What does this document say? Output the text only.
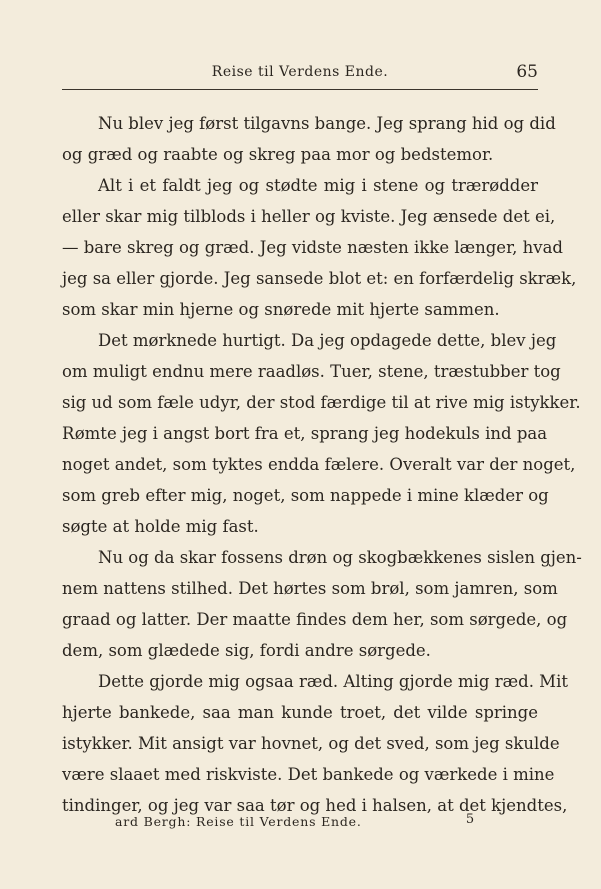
Reise til Verdens Ende.	65
Nu blev jeg først tilgavns bange. Jeg sprang hid og did
og græd og raabte og skreg paa mor og bedstemor.
Alt i et faldt jeg og stødte mig i stene og trærødder
eller skar mig tilblods i heller og kviste. Jeg ænsede det ei,
— bare skreg og græd. Jeg vidste næsten ikke længer, hvad
jeg sa eller gjorde. Jeg sansede blot et: en forfærdelig skræk,
som skar min hjerne og snørede mit hjerte sammen.
Det mørknede hurtigt. Da jeg opdagede dette, blev jeg
om muligt endnu mere raadløs. Tuer, stene, træstubber tog
sig ud som fæle udyr, der stod færdige til at rive mig istykker.
Rømte jeg i angst bort fra et, sprang jeg hodekuls ind paa
noget andet, som tyktes endda fælere. Overalt var der noget,
som greb efter mig, noget, som nappede i mine klæder og
søgte at holde mig fast.
Nu og da skar fossens drøn og skogbækkenes sislen gjen-
nem nattens stilhed. Det hørtes som brøl, som jamren, som
graad og latter. Der maatte findes dem her, som sørgede, og
dem, som glædede sig, fordi andre sørgede.
Dette gjorde mig ogsaa ræd. Alting gjorde mig ræd. Mit
hjerte bankede, saa man kunde troet, det vilde springe
istykker. Mit ansigt var hovnet, og det sved, som jeg skulde
være slaaet med riskviste. Det bankede og værkede i mine
tindinger, og jeg var saa tør og hed i halsen, at det kjendtes,
ard Bergh: Reise til Verdens Ende.	5
